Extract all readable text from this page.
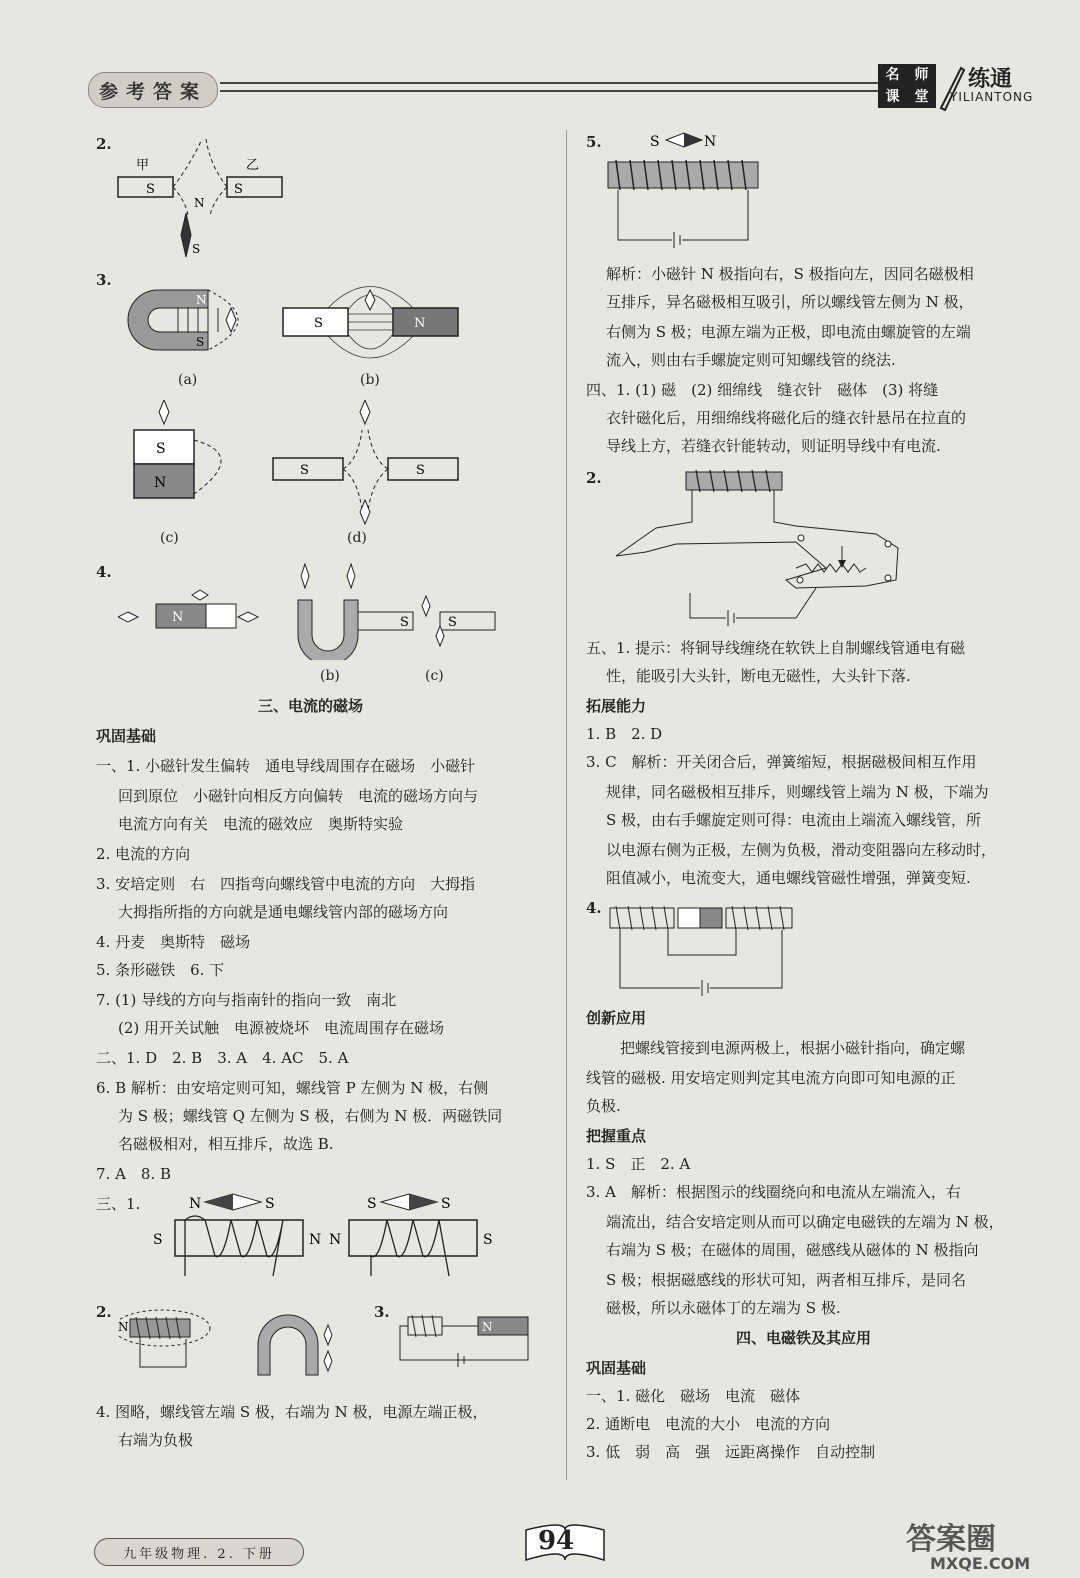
参考答案
名	师
课	堂
练通
YILIANTONG
2.
甲	乙
S	S
N
S
3.
N
S
S	N
(a)	(b)
S
N
S	S
(c)	(d)
4.
N	S	S
(b)	(c)
三、电流的磁场
巩固基础
一、1. 小磁针发生偏转　通电导线周围存在磁场　小磁针
回到原位　小磁针向相反方向偏转　电流的磁场方向与
电流方向有关　电流的磁效应　奥斯特实验
2. 电流的方向
3. 安培定则　右　四指弯向螺线管中电流的方向　大拇指
大拇指所指的方向就是通电螺线管内部的磁场方向
4. 丹麦　奥斯特　磁场
5. 条形磁铁　6. 下
7. (1) 导线的方向与指南针的指向一致　南北
(2) 用开关试触　电源被烧坏　电流周围存在磁场
二、1. D　2. B　3. A　4. AC　5. A
6. B 解析：由安培定则可知，螺线管 P 左侧为 N 极，右侧
为 S 极；螺线管 Q 左侧为 S 极，右侧为 N 极．两磁铁同
名磁极相对，相互排斥，故选 B.
7. A　8. B
三、1.	N	S
S	N
S	S
N	S
2.
N
3.
N
4. 图略，螺线管左端 S 极，右端为 N 极，电源左端正极，
右端为负极
5.	S	N
解析：小磁针 N 极指向右，S 极指向左，因同名磁极相
互排斥，异名磁极相互吸引，所以螺线管左侧为 N 极，
右侧为 S 极；电源左端为正极，即电流由螺旋管的左端
流入，则由右手螺旋定则可知螺线管的绕法.
四、1. (1) 磁　(2) 细绵线　缝衣针　磁体　(3) 将缝
衣针磁化后，用细绵线将磁化后的缝衣针悬吊在拉直的
导线上方，若缝衣针能转动，则证明导线中有电流.
2.
五、1. 提示：将铜导线缠绕在软铁上自制螺线管通电有磁
性，能吸引大头针，断电无磁性，大头针下落.
拓展能力
1. B　2. D
3. C　解析：开关闭合后，弹簧缩短，根据磁极间相互作用
规律，同名磁极相互排斥，则螺线管上端为 N 极，下端为
S 极，由右手螺旋定则可得：电流由上端流入螺线管，所
以电源右侧为正极，左侧为负极，滑动变阻器向左移动时，
阻值减小，电流变大，通电螺线管磁性增强，弹簧变短.
4.
创新应用
把螺线管接到电源两极上，根据小磁针指向，确定螺
线管的磁极. 用安培定则判定其电流方向即可知电源的正
负极.
把握重点
1. S　正　2. A
3. A　解析：根据图示的线圈绕向和电流从左端流入，右
端流出，结合安培定则从而可以确定电磁铁的左端为 N 极，
右端为 S 极；在磁体的周围，磁感线从磁体的 N 极指向
S 极；根据磁感线的形状可知，两者相互排斥，是同名
磁极，所以永磁体丁的左端为 S 极.
四、电磁铁及其应用
巩固基础
一、1. 磁化　磁场　电流　磁体
2. 通断电　电流的大小　电流的方向
3. 低　弱　高　强　远距离操作　自动控制
九年级物理. 2. 下册	94	答案圈
MXQE.COM
